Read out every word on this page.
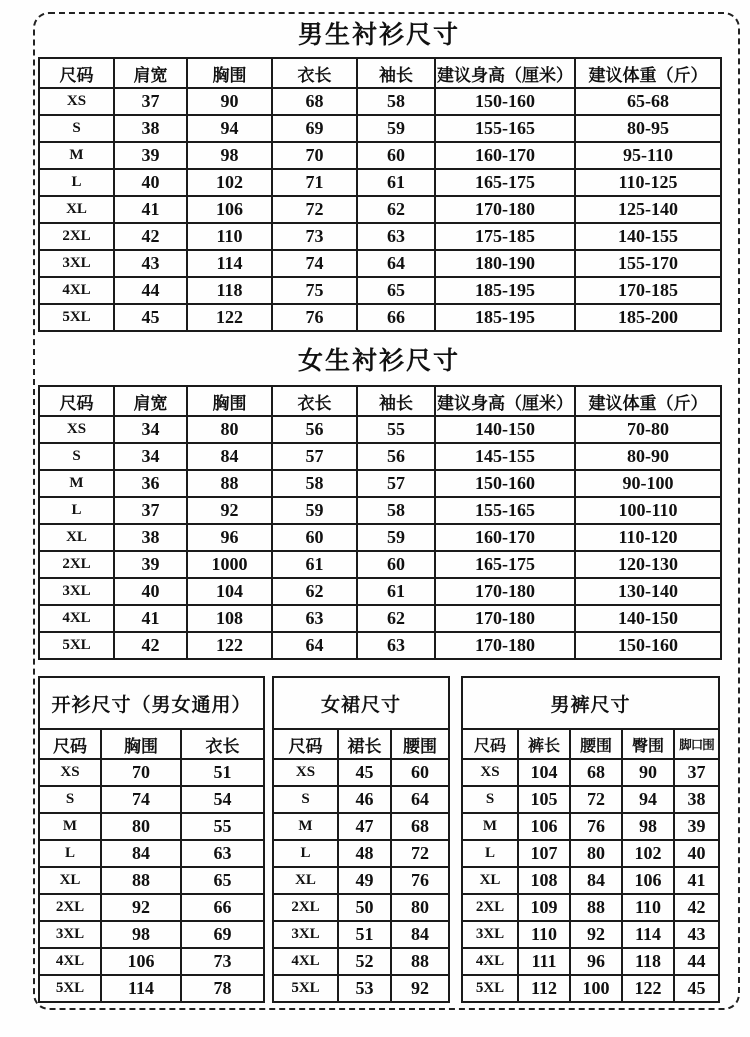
男生衬衫尺寸
尺码	肩宽	胸围	衣长	袖长	建议身高（厘米）	建议体重（斤）
XS	37	90	68	58	150-160	65-68
S	38	94	69	59	155-165	80-95
M	39	98	70	60	160-170	95-110
L	40	102	71	61	165-175	110-125
XL	41	106	72	62	170-180	125-140
2XL	42	110	73	63	175-185	140-155
3XL	43	114	74	64	180-190	155-170
4XL	44	118	75	65	185-195	170-185
5XL	45	122	76	66	185-195	185-200
女生衬衫尺寸
尺码	肩宽	胸围	衣长	袖长	建议身高（厘米）	建议体重（斤）
XS	34	80	56	55	140-150	70-80
S	34	84	57	56	145-155	80-90
M	36	88	58	57	150-160	90-100
L	37	92	59	58	155-165	100-110
XL	38	96	60	59	160-170	110-120
2XL	39	1000	61	60	165-175	120-130
3XL	40	104	62	61	170-180	130-140
4XL	41	108	63	62	170-180	140-150
5XL	42	122	64	63	170-180	150-160
开衫尺寸（男女通用）		
尺码	胸围	衣长
XS	70	51
S	74	54
M	80	55
L	84	63
XL	88	65
2XL	92	66
3XL	98	69
4XL	106	73
5XL	114	78
女裙尺寸		
尺码	裙长	腰围
XS	45	60
S	46	64
M	47	68
L	48	72
XL	49	76
2XL	50	80
3XL	51	84
4XL	52	88
5XL	53	92
男裤尺寸				
尺码	裤长	腰围	臀围	脚口围
XS	104	68	90	37
S	105	72	94	38
M	106	76	98	39
L	107	80	102	40
XL	108	84	106	41
2XL	109	88	110	42
3XL	110	92	114	43
4XL	111	96	118	44
5XL	112	100	122	45
